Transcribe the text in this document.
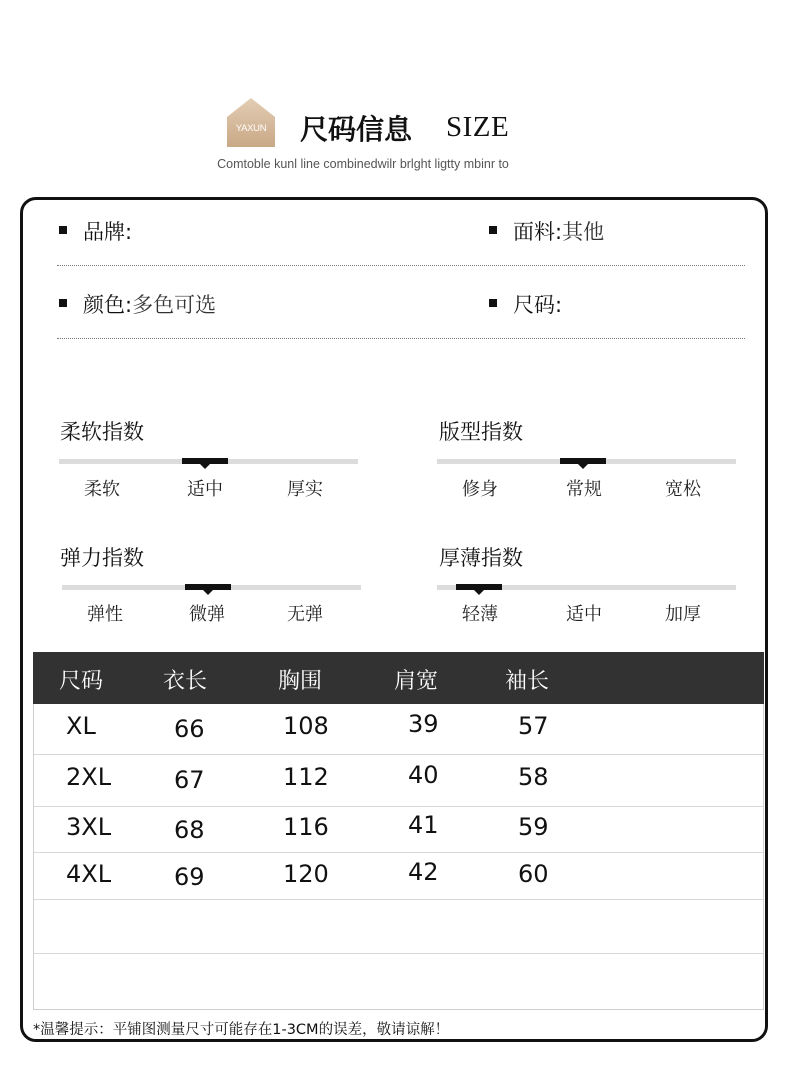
YAXUN	尺码信息 SIZE
Comtoble kunl line combinedwilr brlght ligtty mbinr to
品牌:	面料:其他
颜色:多色可选	尺码:
柔软指数
柔软	适中	厚实
版型指数
修身	常规	宽松
弹力指数
弹性	微弹	无弹
厚薄指数
轻薄	适中	加厚
尺码	衣长	胸围	肩宽	袖长
XL	66	108	39	57
2XL	67	112	40	58
3XL	68	116	41	59
4XL	69	120	42	60
*温馨提示：平铺图测量尺寸可能存在1-3CM的误差，敬请谅解！
